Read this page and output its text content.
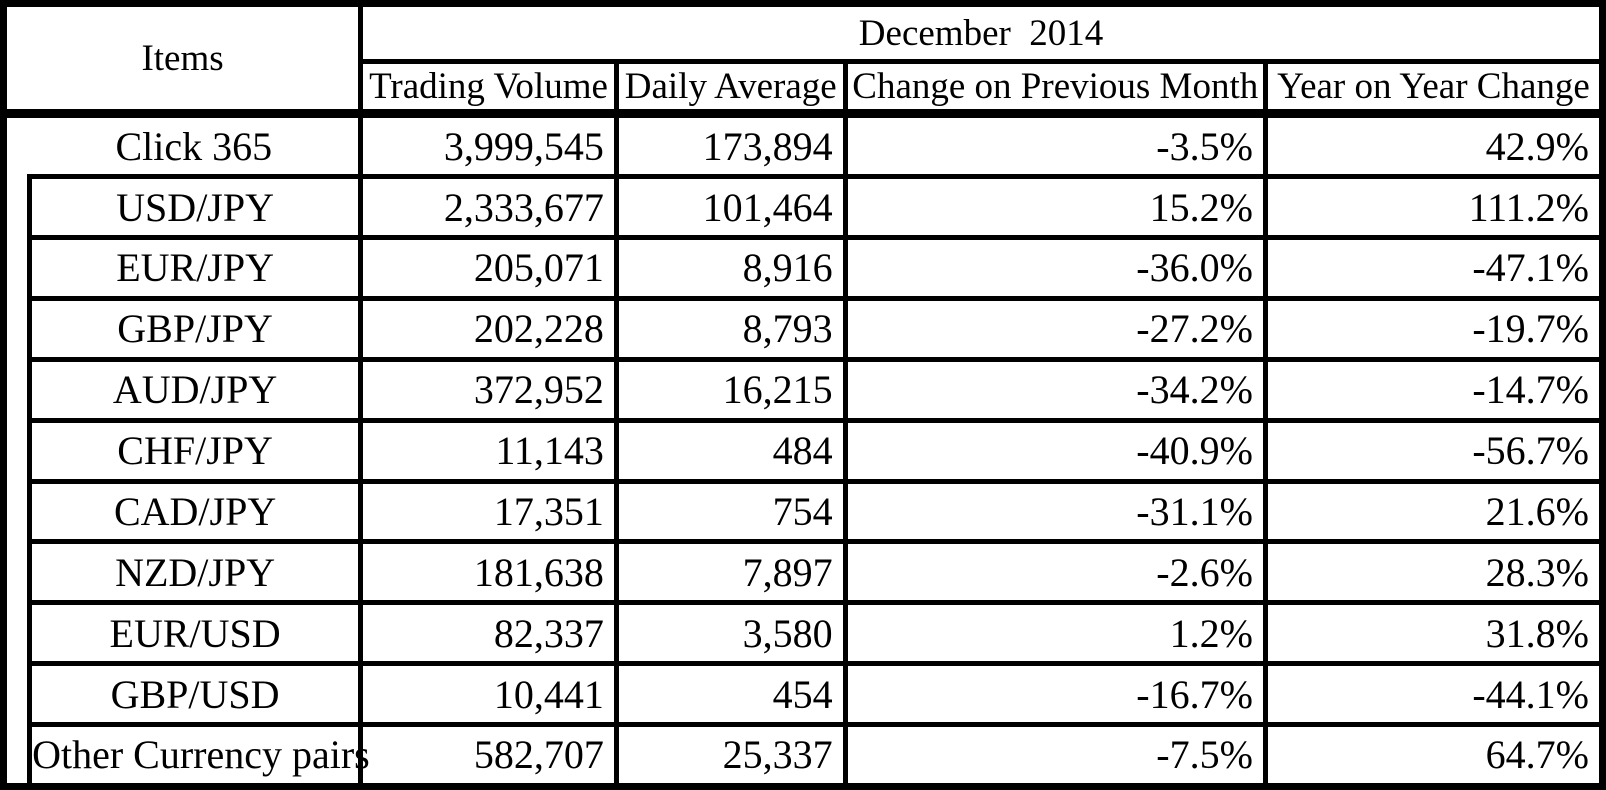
Items		December  2014			
		Trading Volume	Daily Average	Change on Previous Month	Year on Year Change
	Click 365	3,999,545	173,894	-3.5%	42.9%
	USD/JPY	2,333,677	101,464	15.2%	111.2%
	EUR/JPY	205,071	8,916	-36.0%	-47.1%
	GBP/JPY	202,228	8,793	-27.2%	-19.7%
	AUD/JPY	372,952	16,215	-34.2%	-14.7%
	CHF/JPY	11,143	484	-40.9%	-56.7%
	CAD/JPY	17,351	754	-31.1%	21.6%
	NZD/JPY	181,638	7,897	-2.6%	28.3%
	EUR/USD	82,337	3,580	1.2%	31.8%
	GBP/USD	10,441	454	-16.7%	-44.1%
	Other Currency pairs	582,707	25,337	-7.5%	64.7%
